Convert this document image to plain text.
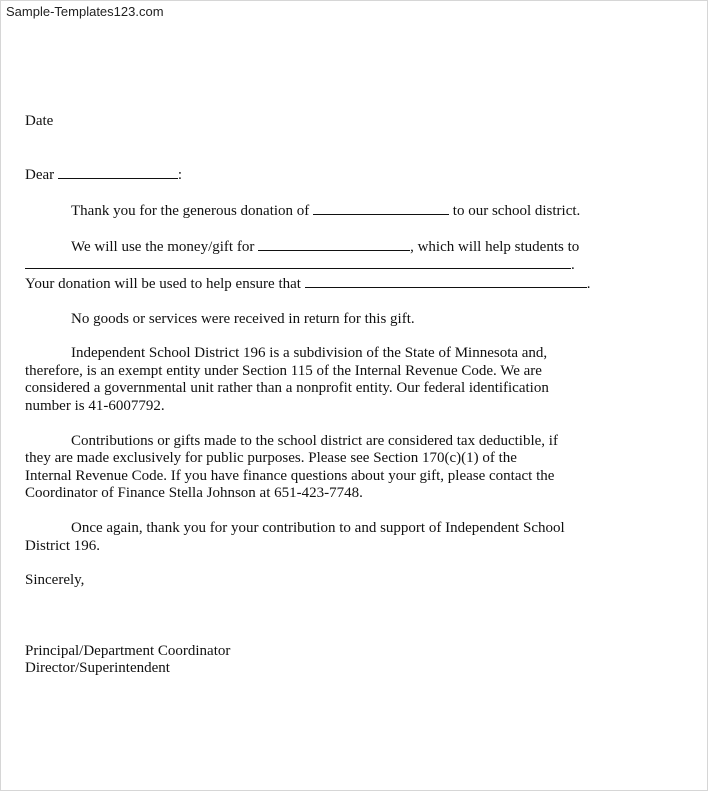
Sample-Templates123.com
Date
Dear	:
Thank you for the generous donation of	to our school district.
We will use the money/gift for	, which will help students to
.
Your donation will be used to help ensure that	.
No goods or services were received in return for this gift.
Independent School District 196 is a subdivision of the State of Minnesota and,
therefore, is an exempt entity under Section 115 of the Internal Revenue Code. We are
considered a governmental unit rather than a nonprofit entity. Our federal identification
number is 41-6007792.
Contributions or gifts made to the school district are considered tax deductible, if
they are made exclusively for public purposes. Please see Section 170(c)(1) of the
Internal Revenue Code. If you have finance questions about your gift, please contact the
Coordinator of Finance Stella Johnson at 651-423-7748.
Once again, thank you for your contribution to and support of Independent School
District 196.
Sincerely,
Principal/Department Coordinator
Director/Superintendent
